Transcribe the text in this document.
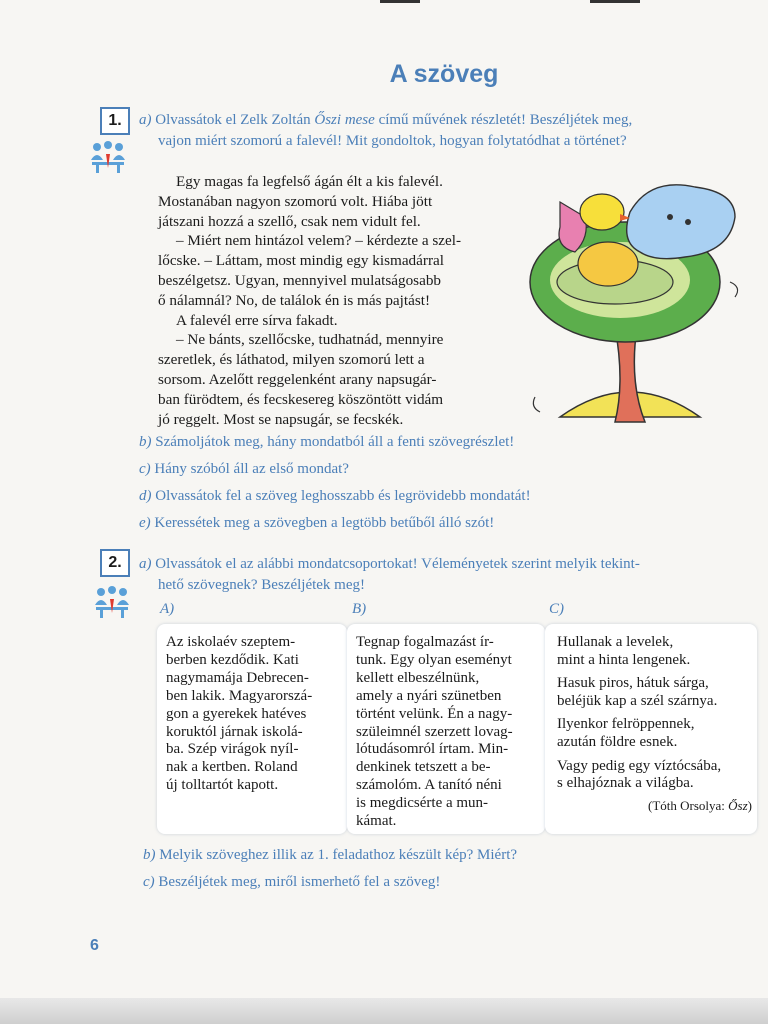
A szöveg
1.	a) Olvassátok el Zelk Zoltán Őszi mese című művének részletét! Beszéljétek meg,
vajon miért szomorú a falevél! Mit gondoltok, hogyan folytatódhat a történet?

Egy magas fa legfelső ágán élt a kis falevél.

Mostanában nagyon szomorú volt. Hiába jött

játszani hozzá a szellő, csak nem vidult fel.

– Miért nem hintázol velem? – kérdezte a szel-

lőcske. – Láttam, most mindig egy kismadárral

beszélgetsz. Ugyan, mennyivel mulatságosabb

ő nálamnál? No, de találok én is más pajtást!

A falevél erre sírva fakadt.

– Ne bánts, szellőcske, tudhatnád, mennyire

szeretlek, és láthatod, milyen szomorú lett a

sorsom. Azelőtt reggelenként arany napsugár-

ban fürödtem, és fecskesereg köszöntött vidám

jó reggelt. Most se napsugár, se fecskék.

b) Számoljátok meg, hány mondatból áll a fenti szövegrészlet!
c) Hány szóból áll az első mondat?
d) Olvassátok fel a szöveg leghosszabb és legrövidebb mondatát!
e) Keressétek meg a szövegben a legtöbb betűből álló szót!
2.	a) Olvassátok el az alábbi mondatcsoportokat! Véleményetek szerint melyik tekint-
hető szövegnek? Beszéljétek meg!
A)	B)	C)

Az iskolaév szeptem-

berben kezdődik. Kati

nagymamája Debrecen-

ben lakik. Magyarorszá-

gon a gyerekek hatéves

koruktól járnak iskolá-

ba. Szép virágok nyíl-

nak a kertben. Roland

új tolltartót kapott.

Tegnap fogalmazást ír-

tunk. Egy olyan eseményt

kellett elbeszélnünk,

amely a nyári szünetben

történt velünk. Én a nagy-

szüleimnél szerzett lovag-

lótudásomról írtam. Min-

denkinek tetszett a be-

számolóm. A tanító néni

is megdicsérte a mun-

kámat.

Hullanak a levelek,
mint a hinta lengenek.

Hasuk piros, hátuk sárga,
beléjük kap a szél szárnya.

Ilyenkor felröppennek,
azután földre esnek.

Vagy pedig egy víztócsába,
s elhajóznak a világba.

(Tóth Orsolya: Ősz)
b) Melyik szöveghez illik az 1. feladathoz készült kép? Miért?
c) Beszéljétek meg, miről ismerhető fel a szöveg!
6
